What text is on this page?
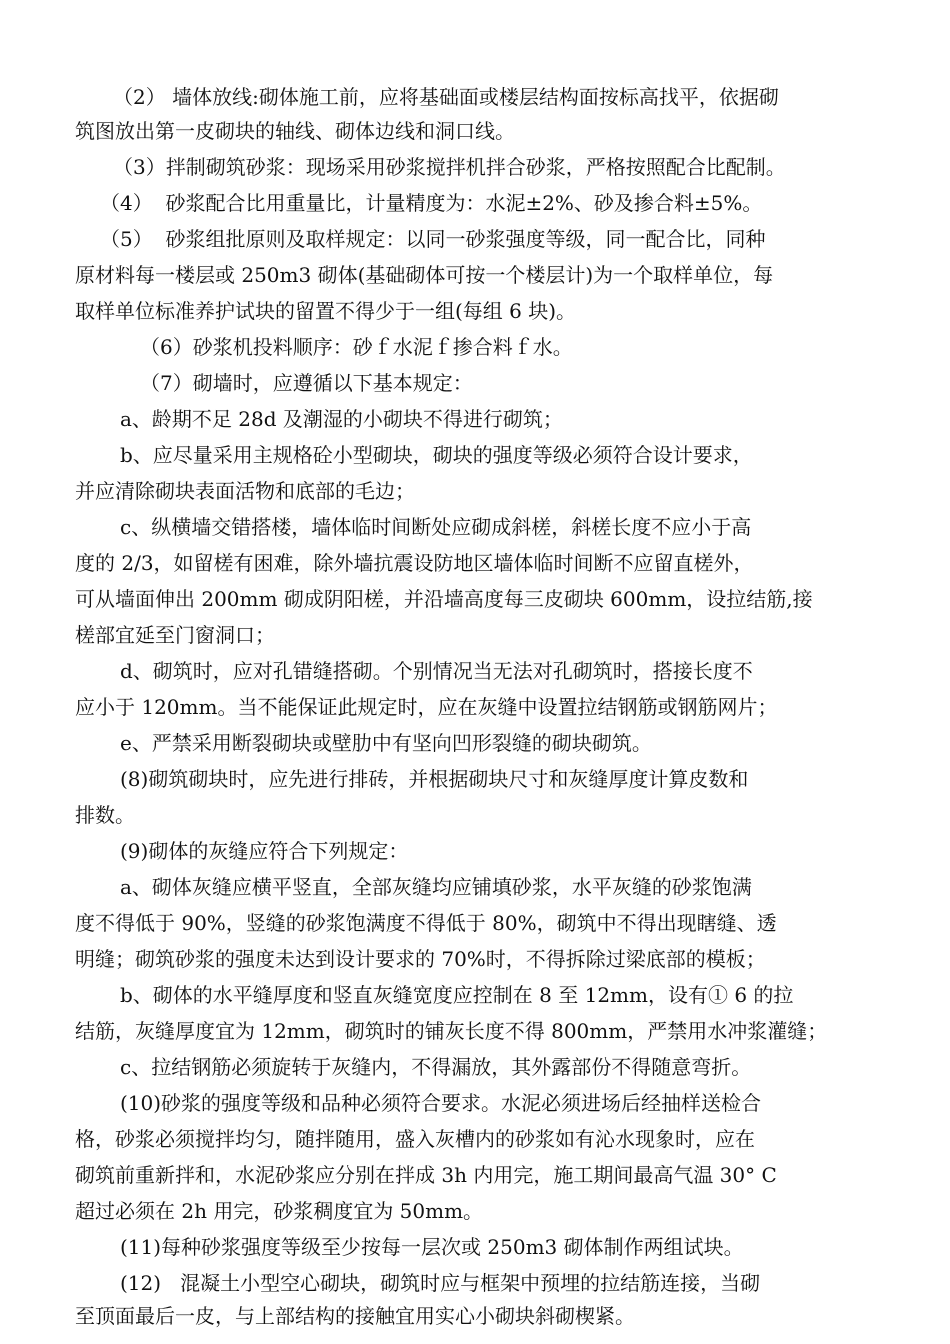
（2） 墙体放线:砌体施工前，应将基础面或楼层结构面按标高找平，依据砌
筑图放出第一皮砌块的轴线、砌体边线和洞口线。
（3）拌制砌筑砂浆：现场采用砂浆搅拌机拌合砂浆，严格按照配合比配制。
（4）  砂浆配合比用重量比，计量精度为：水泥±2%、砂及掺合料±5%。
（5）  砂浆组批原则及取样规定：以同一砂浆强度等级，同一配合比，同种
原材料每一楼层或 250m3 砌体(基础砌体可按一个楼层计)为一个取样单位，每
取样单位标准养护试块的留置不得少于一组(每组 6 块)。
（6）砂浆机投料顺序：砂ｆ水泥ｆ掺合料ｆ水。
（7）砌墙时，应遵循以下基本规定：
a、龄期不足 28d 及潮湿的小砌块不得进行砌筑；
b、应尽量采用主规格砼小型砌块，砌块的强度等级必须符合设计要求，
并应清除砌块表面活物和底部的毛边；
c、纵横墙交错搭楼，墙体临时间断处应砌成斜槎，斜槎长度不应小于高
度的 2/3，如留槎有困难，除外墙抗震设防地区墙体临时间断不应留直槎外，
可从墙面伸出 200mm 砌成阴阳槎，并沿墙高度每三皮砌块 600mm，设拉结筋,接
槎部宜延至门窗洞口；
d、砌筑时，应对孔错缝搭砌。个别情况当无法对孔砌筑时，搭接长度不
应小于 120mm。当不能保证此规定时，应在灰缝中设置拉结钢筋或钢筋网片；
e、严禁采用断裂砌块或壁肋中有坚向凹形裂缝的砌块砌筑。
(8)砌筑砌块时，应先进行排砖，并根据砌块尺寸和灰缝厚度计算皮数和
排数。
(9)砌体的灰缝应符合下列规定：
a、砌体灰缝应横平竖直，全部灰缝均应铺填砂浆，水平灰缝的砂浆饱满
度不得低于 90%，竖缝的砂浆饱满度不得低于 80%，砌筑中不得出现瞎缝、透
明缝；砌筑砂浆的强度未达到设计要求的 70%时，不得拆除过梁底部的模板；
b、砌体的水平缝厚度和竖直灰缝宽度应控制在 8 至 12mm，设有① 6 的拉
结筋，灰缝厚度宜为 12mm，砌筑时的铺灰长度不得 800mm，严禁用水冲浆灌缝；
c、拉结钢筋必须旋转于灰缝内，不得漏放，其外露部份不得随意弯折。
(10)砂浆的强度等级和品种必须符合要求。水泥必须进场后经抽样送检合
格，砂浆必须搅拌均匀，随拌随用，盛入灰槽内的砂浆如有沁水现象时，应在
砌筑前重新拌和，水泥砂浆应分别在拌成 3h 内用完，施工期间最高气温 30° C
超过必须在 2h 用完，砂浆稠度宜为 50mm。
(11)每种砂浆强度等级至少按每一层次或 250m3 砌体制作两组试块。
(12)   混凝土小型空心砌块，砌筑时应与框架中预埋的拉结筋连接，当砌
至顶面最后一皮，与上部结构的接触宜用实心小砌块斜砌楔紧。
